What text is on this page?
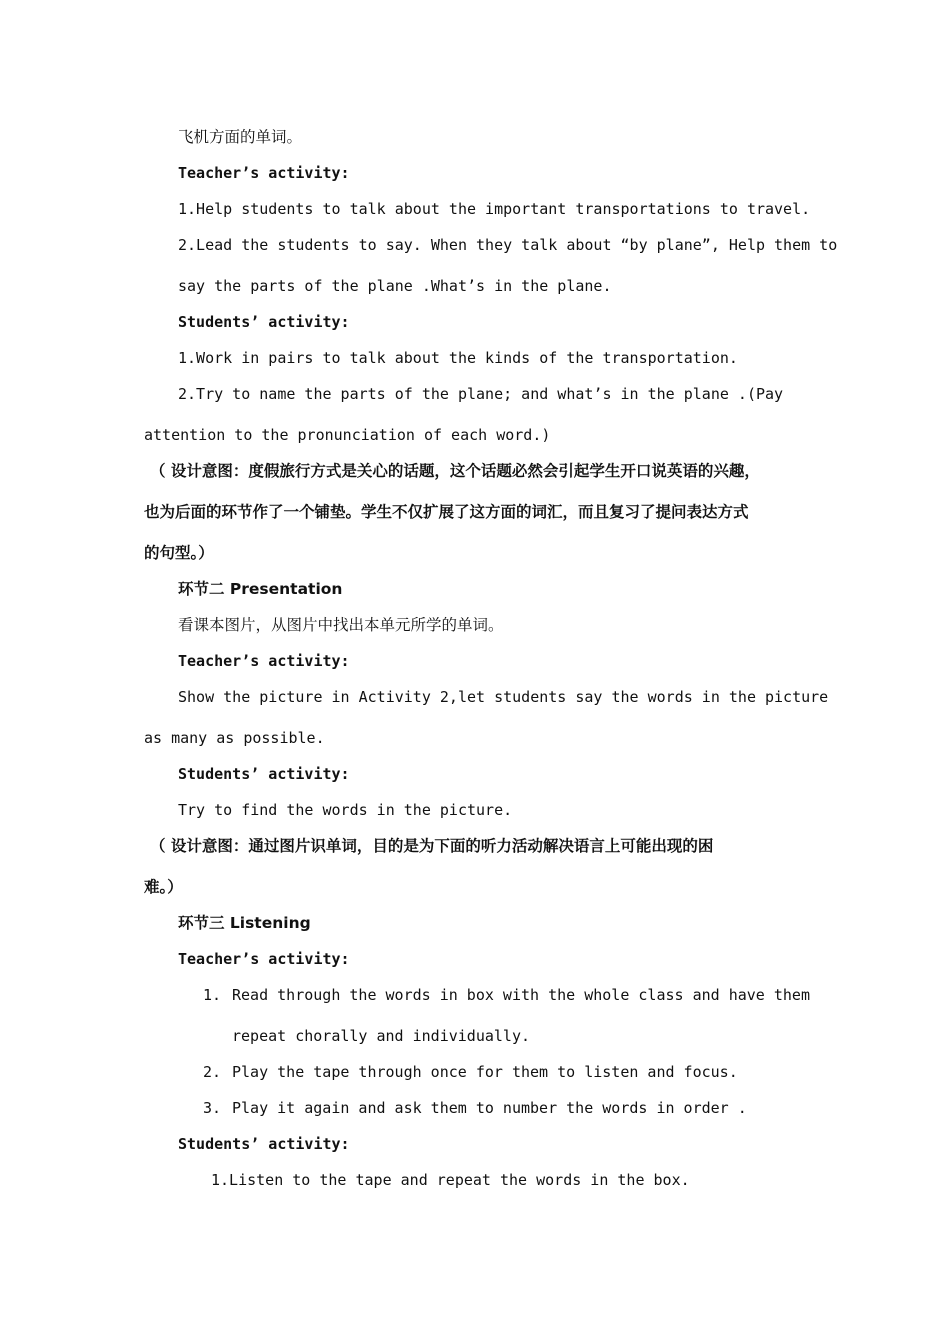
飞机方面的单词。
Teacher’s activity:
1.Help students to talk about the important transportations to travel.
2.Lead the students to say. When they talk about “by plane”, Help them to
say the parts of the plane .What’s in the plane.
Students’ activity:
1.Work in pairs to talk about the kinds of the transportation.
2.Try to name the parts of the plane; and what’s in the plane .(Pay
attention to the pronunciation of each word.)
（ 设计意图：度假旅行方式是关心的话题，这个话题必然会引起学生开口说英语的兴趣，
也为后面的环节作了一个铺垫。学生不仅扩展了这方面的词汇，而且复习了提问表达方式
的句型。）
环节二 Presentation
看课本图片，从图片中找出本单元所学的单词。
Teacher’s activity:
Show the picture in Activity 2,let students say the words in the picture
as many as possible.
Students’ activity:
Try to find the words in the picture.
（ 设计意图：通过图片识单词，目的是为下面的听力活动解决语言上可能出现的困
难。）
环节三 Listening
Teacher’s activity:
1. Read through the words in box with the whole class and have them
repeat chorally and individually.
2. Play the tape through once for them to listen and focus.
3. Play it again and ask them to number the words in order .
Students’ activity:
1.Listen to the tape and repeat the words in the box.
